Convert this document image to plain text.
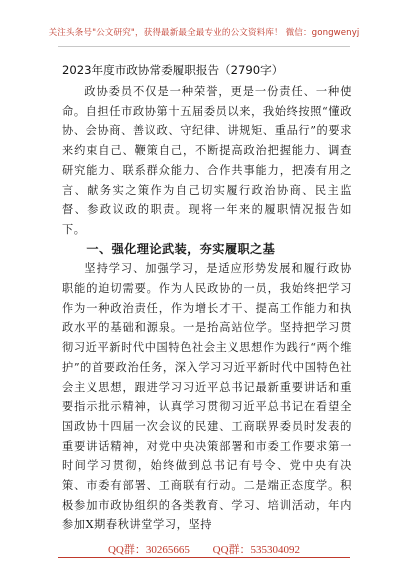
关注头条号"公文研究"，获得最新最全最专业的公文资料库！ 微信：gongwenyj
2023年度市政协常委履职报告（2790字）

政协委员不仅是一种荣誉，更是一份责任、一种使命。自担任市政协第十五届委员以来，我始终按照“懂政协、会协商、善议政、守纪律、讲规矩、重品行”的要求来约束自己、鞭策自己，不断提高政治把握能力、调查研究能力、联系群众能力、合作共事能力，把凑有用之言、献务实之策作为自己切实履行政治协商、民主监督、参政议政的职责。现将一年来的履职情况报告如下。

一、强化理论武装，夯实履职之基

坚持学习、加强学习，是适应形势发展和履行政协职能的迫切需要。作为人民政协的一员，我始终把学习作为一种政治责任，作为增长才干、提高工作能力和执政水平的基础和源泉。一是抬高站位学。坚持把学习贯彻习近平新时代中国特色社会主义思想作为践行“两个维护”的首要政治任务，深入学习习近平新时代中国特色社会主义思想，跟进学习习近平总书记最新重要讲话和重要指示批示精神，认真学习贯彻习近平总书记在看望全国政协十四届一次会议的民建、工商联界委员时发表的重要讲话精神，对党中央决策部署和市委工作要求第一时间学习贯彻，始终做到总书记有号令、党中央有决策、市委有部署、工商联有行动。二是端正态度学。积极参加市政协组织的各类教育、学习、培训活动，年内参加X期春秋讲堂学习，坚持

QQ群：30265665 QQ群：535304092
